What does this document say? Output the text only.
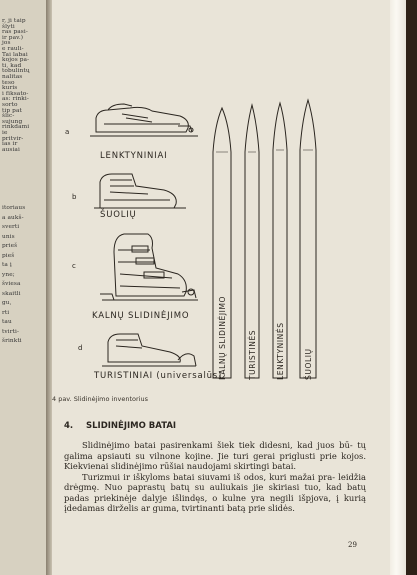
r, ji taip
šlyti
ras pasi-
ir pav.)
jos
e rauli-
Tai labai
kojos pa-
ti, kad
tobulintų
nalitas
teso
kuris
i fiksato-
as: rinki-
sorto
tip pat
šlic-
sujung
rinkdami
ie
pritvir-
ias ir
ausiai
itoriaus
a aukš-
sverti
unis
prieš
pieš
ta į
yne;
šviesa
skaitli
gu,
rti
tau
tvirti-
šrinkti
a
LENKTYNINIAI
b
ŠUOLIŲ
c
KALNŲ SLIDINĖJIMO
d
TURISTINIAI (universalūs)
KALNŲ SLIDINĖJIMO	TURISTINĖS	LENKTYNINĖS	ŠUOLIŲ
4 pav. Slidinėjimo inventorius
4. SLIDINĖJIMO BATAI

Slidinėjimo batai pasirenkami šiek tiek didesni, kad juos bū- tų galima apsiauti su vilnone kojine. Jie turi gerai priglusti prie kojos. Kiekvienai slidinėjimo rūšiai naudojami skirtingi batai.

Turizmui ir iškyloms batai siuvami iš odos, kuri mažai pra- leidžia drėgmę. Nuo paprastų batų su auliukais jie skiriasi tuo, kad batų padas priekinėje dalyje išlindęs, o kulne yra negili išpjova, į kurią įdedamas dirželis ar guma, tvirtinanti batą prie slidės.

29
